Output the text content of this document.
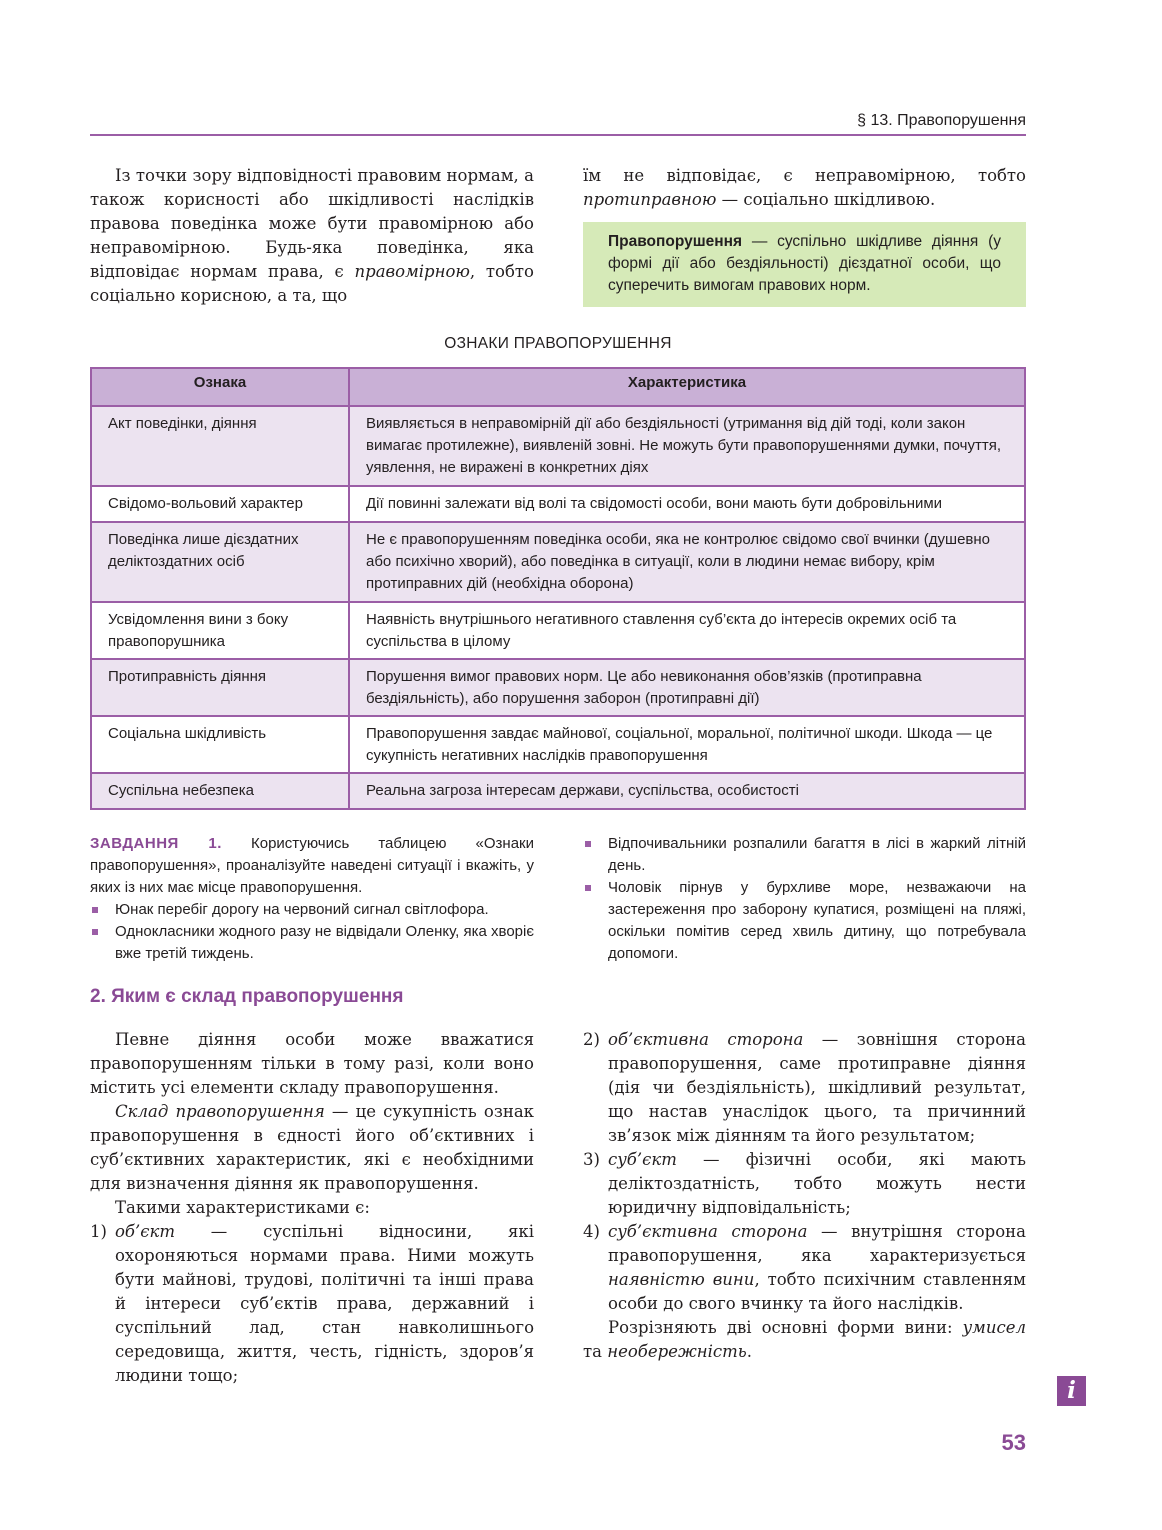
§ 13. Правопорушення

Із точки зору відповідності правовим нормам, а також корисності або шкідливості наслідків правова поведінка може бути правомірною або неправомірною. Будь-яка поведінка, яка відповідає нормам права, є правомірною, тобто соціально корисною, а та, що

їм не відповідає, є неправомірною, тобто протиправною — соціально шкідливою.

Правопорушення — суспільно шкідливе діяння (у формі дії або бездіяльності) дієздатної особи, що суперечить вимогам правових норм.
ОЗНАКИ ПРАВОПОРУШЕННЯ
Ознака	Характеристика
Акт поведінки, діяння	Виявляється в неправомірній дії або бездіяльності (утримання від дій тоді, коли закон вимагає протилежне), виявленій зовні. Не можуть бути правопорушеннями думки, почуття, уявлення, не виражені в конкретних діях
Свідомо-вольовий характер	Дії повинні залежати від волі та свідомості особи, вони мають бути добровільними
Поведінка лише дієздатних деліктоздатних осіб	Не є правопорушенням поведінка особи, яка не контролює свідомо свої вчинки (душевно або психічно хворий), або поведінка в ситуації, коли в людини немає вибору, крім протиправних дій (необхідна оборона)
Усвідомлення вини з боку правопорушника	Наявність внутрішнього негативного ставлення суб’єкта до інтересів окремих осіб та суспільства в цілому
Протиправність діяння	Порушення вимог правових норм. Це або невиконання обов’язків (протиправна бездіяльність), або порушення заборон (протиправні дії)
Соціальна шкідливість	Правопорушення завдає майнової, соціальної, моральної, політичної шкоди. Шкода — це сукупність негативних наслідків правопорушення
Суспільна небезпека	Реальна загроза інтересам держави, суспільства, особистості

ЗАВДАННЯ 1. Користуючись таблицею «Ознаки правопорушення», проаналізуйте наведені ситуації і вкажіть, у яких із них має місце правопорушення.

Юнак перебіг дорогу на червоний сигнал світлофора.
Однокласники жодного разу не відвідали Оленку, яка хворіє вже третій тиждень.
Відпочивальники розпалили багаття в лісі в жаркий літній день.
Чоловік пірнув у бурхливе море, незважаючи на застереження про заборону купатися, розміщені на пляжі, оскільки помітив серед хвиль дитину, що потребувала допомоги.
2. Яким є склад правопорушення

Певне діяння особи може вважатися правопорушенням тільки в тому разі, коли воно містить усі елементи складу правопорушення.

Склад правопорушення — це сукупність ознак правопорушення в єдності його об’єктивних і суб’єктивних характеристик, які є необхідними для визначення діяння як правопорушення.

Такими характеристиками є:

1) об’єкт — суспільні відносини, які охороняються нормами права. Ними можуть бути майнові, трудові, політичні та інші права й інтереси суб’єктів права, державний і суспільний лад, стан навколишнього середовища, життя, честь, гідність, здоров’я людини тощо;
2) об’єктивна сторона — зовнішня сторона правопорушення, саме протиправне діяння (дія чи бездіяльність), шкідливий результат, що настав унаслідок цього, та причинний зв’язок між діянням та його результатом;
3) суб’єкт — фізичні особи, які мають деліктоздатність, тобто можуть нести юридичну відповідальність;
4) суб’єктивна сторона — внутрішня сторона правопорушення, яка характеризується наявністю вини, тобто психічним ставленням особи до свого вчинку та його наслідків.

Розрізняють дві основні форми вини: умисел та необережність.

i
53
